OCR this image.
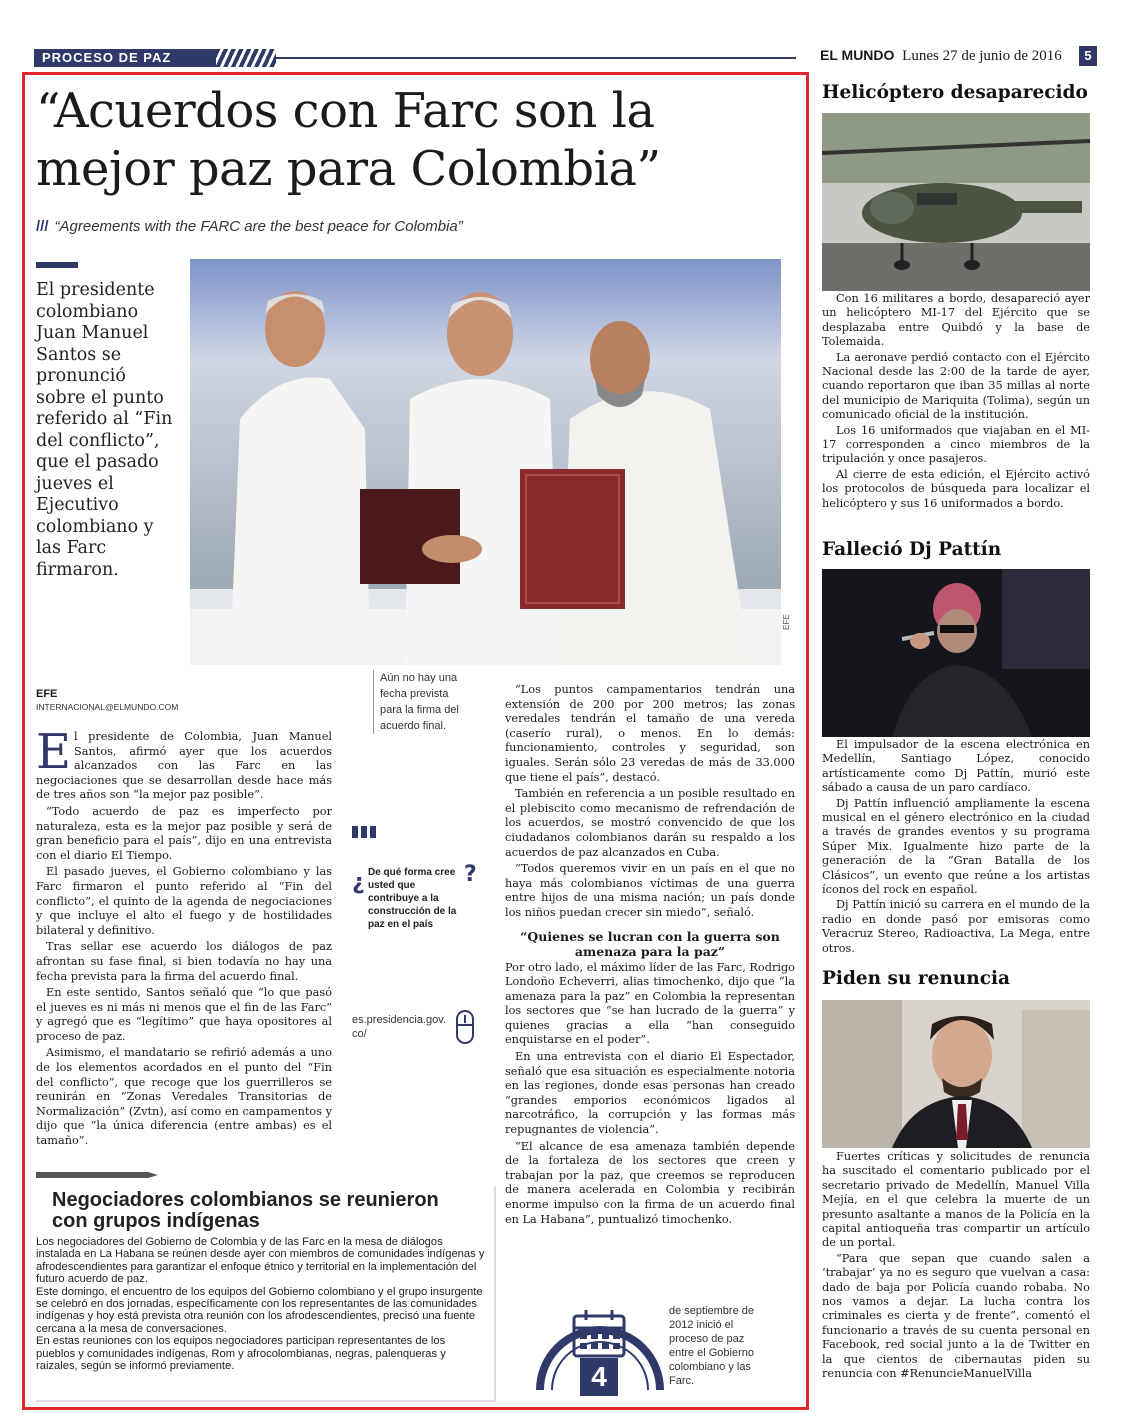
PROCESO DE PAZ	EL MUNDO Lunes 27 de junio de 2016	5
“Acuerdos con Farc son la mejor paz para Colombia”
/// “Agreements with the FARC are the best peace for Colombia”
El presidente colombiano Juan Manuel Santos se pronunció sobre el punto referido al “Fin del conflicto”, que el pasado jueves el Ejecutivo colombiano y las Farc firmaron.
EFE
Aún no hay una fecha prevista para la firma del acuerdo final.
EFE
INTERNACIONAL@ELMUNDO.COM

El presidente de Colombia, Juan Manuel Santos, afirmó ayer que los acuerdos alcanzados con las Farc en las negociaciones que se desarrollan desde hace más de tres años son “la mejor paz posible”.

“Todo acuerdo de paz es imperfecto por naturaleza, esta es la mejor paz posible y será de gran beneficio para el país”, dijo en una entrevista con el diario El Tiempo.

El pasado jueves, el Gobierno colombiano y las Farc firmaron el punto referido al “Fin del conflicto”, el quinto de la agenda de negociaciones y que incluye el alto el fuego y de hostilidades bilateral y definitivo.

Tras sellar ese acuerdo los diálogos de paz afrontan su fase final, si bien todavía no hay una fecha prevista para la firma del acuerdo final.

En este sentido, Santos señaló que “lo que pasó el jueves es ni más ni menos que el fin de las Farc” y agregó que es “legítimo” que haya opositores al proceso de paz.

Asimismo, el mandatario se refirió además a uno de los elementos acordados en el punto del “Fin del conflicto”, que recoge que los guerrilleros se reunirán en “Zonas Veredales Transitorias de Normalización” (Zvtn), así como en campamentos y dijo que “la única diferencia (entre ambas) es el tamaño”.

¿	?
De qué forma cree usted que contribuye a la construcción de la paz en el país
es.presidencia.gov.co/

“Los puntos campamentarios tendrán una extensión de 200 por 200 metros; las zonas veredales tendrán el tamaño de una vereda (caserío rural), o menos. En lo demás: funcionamiento, controles y seguridad, son iguales. Serán sólo 23 veredas de más de 33.000 que tiene el país”, destacó.

También en referencia a un posible resultado en el plebiscito como mecanismo de refrendación de los acuerdos, se mostró convencido de que los ciudadanos colombianos darán su respaldo a los acuerdos de paz alcanzados en Cuba.

“Todos queremos vivir en un país en el que no haya más colombianos víctimas de una guerra entre hijos de una misma nación; un país donde los niños puedan crecer sin miedo”, señaló.

“Quienes se lucran con la guerra son amenaza para la paz”

Por otro lado, el máximo líder de las Farc, Rodrigo Londoño Echeverri, alias timochenko, dijo que “la amenaza para la paz” en Colombia la representan los sectores que “se han lucrado de la guerra” y quienes gracias a ella “han conseguido enquistarse en el poder”.

En una entrevista con el diario El Espectador, señaló que esa situación es especialmente notoria en las regiones, donde esas personas han creado “grandes emporios económicos ligados al narcotráfico, la corrupción y las formas más repugnantes de violencia”.

“El alcance de esa amenaza también depende de la fortaleza de los sectores que creen y trabajan por la paz, que creemos se reproducen de manera acelerada en Colombia y recibirán enorme impulso con la firma de un acuerdo final en La Habana”, puntualizó timochenko.

Negociadores colombianos se reunieron con grupos indígenas

Los negociadores del Gobierno de Colombia y de las Farc en la mesa de diálogos instalada en La Habana se reúnen desde ayer con miembros de comunidades indígenas y afrodescendientes para garantizar el enfoque étnico y territorial en la implementación del futuro acuerdo de paz.

Este domingo, el encuentro de los equipos del Gobierno colombiano y el grupo insurgente se celebró en dos jornadas, específicamente con los representantes de las comunidades indígenas y hoy está prevista otra reunión con los afrodescendientes, precisó una fuente cercana a la mesa de conversaciones.

En estas reuniones con los equipos negociadores participan representantes de los pueblos y comunidades indígenas, Rom y afrocolombianas, negras, palenqueras y raizales, según se informó previamente.	4
de septiembre de 2012 inició el proceso de paz entre el Gobierno colombiano y las Farc.
Helicóptero desaparecido

Con 16 militares a bordo, desapareció ayer un helicóptero MI-17 del Ejército que se desplazaba entre Quibdó y la base de Tolemaida.

La aeronave perdió contacto con el Ejército Nacional desde las 2:00 de la tarde de ayer, cuando reportaron que iban 35 millas al norte del municipio de Mariquita (Tolima), según un comunicado oficial de la institución.

Los 16 uniformados que viajaban en el MI-17 corresponden a cinco miembros de la tripulación y once pasajeros.

Al cierre de esta edición, el Ejército activó los protocolos de búsqueda para localizar el helicóptero y sus 16 uniformados a bordo.

Falleció Dj Pattín

El impulsador de la escena electrónica en Medellín, Santiago López, conocido artísticamente como Dj Pattín, murió este sábado a causa de un paro cardíaco.

Dj Pattín influenció ampliamente la escena musical en el género electrónico en la ciudad a través de grandes eventos y su programa Súper Mix. Igualmente hizo parte de la generación de la “Gran Batalla de los Clásicos”, un evento que reúne a los artistas íconos del rock en español.

Dj Pattín inició su carrera en el mundo de la radio en donde pasó por emisoras como Veracruz Stereo, Radioactiva, La Mega, entre otros.

Piden su renuncia

Fuertes críticas y solicitudes de renuncia ha suscitado el comentario publicado por el secretario privado de Medellín, Manuel Villa Mejía, en el que celebra la muerte de un presunto asaltante a manos de la Policía en la capital antioqueña tras compartir un artículo de un portal.

“Para que sepan que cuando salen a ‘trabajar’ ya no es seguro que vuelvan a casa: dado de baja por Policía cuando robaba. No nos vamos a dejar. La lucha contra los criminales es cierta y de frente”, comentó el funcionario a través de su cuenta personal en Facebook, red social junto a la de Twitter en la que cientos de cibernautas piden su renuncia con #RenuncieManuelVilla
